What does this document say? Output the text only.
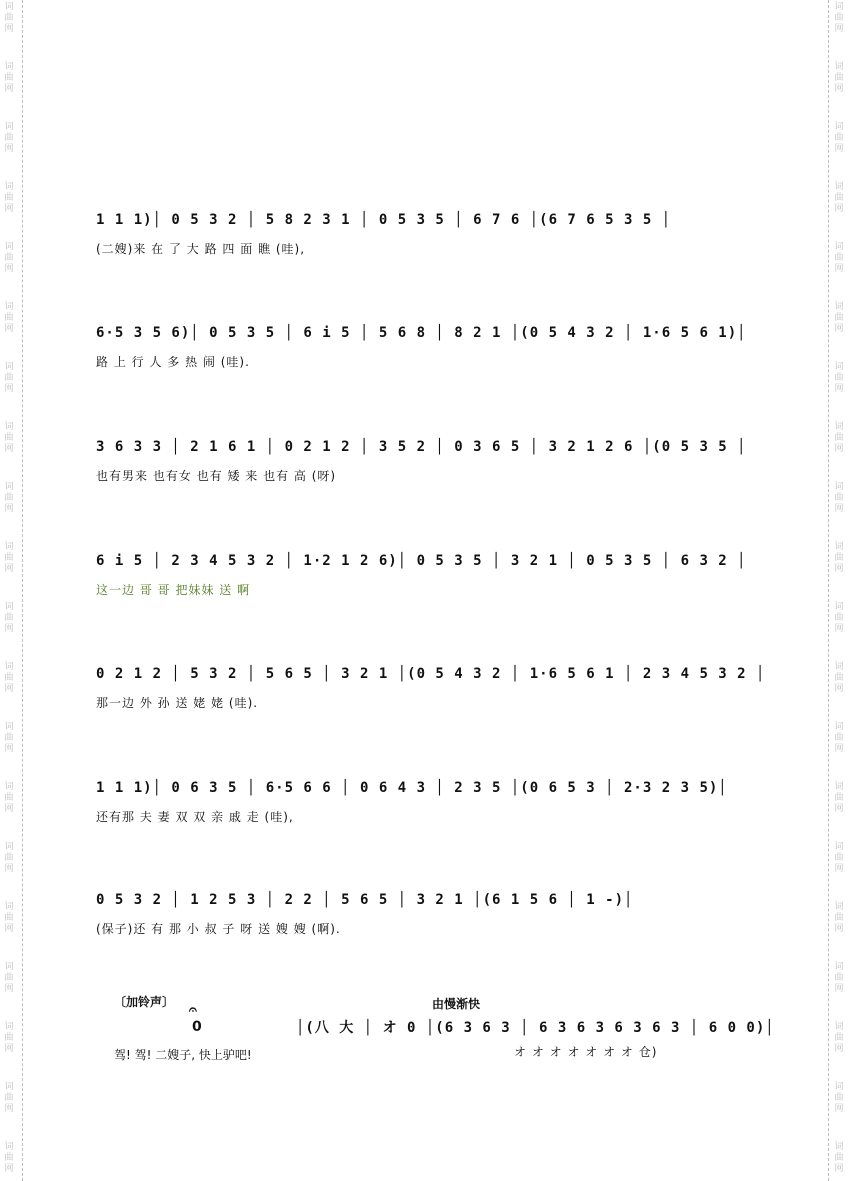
词
曲
网
词
曲
网
词
曲
网
词
曲
网
词
曲
网
词
曲
网
词
曲
网
词
曲
网
词
曲
网
词
曲
网
词
曲
网
词
曲
网
词
曲
网
词
曲
网
词
曲
网
词
曲
网
词
曲
网
词
曲
网
词
曲
网
词
曲
网
词
曲
网
词
曲
网
词
曲
网
词
曲
网
词
曲
网
词
曲
网
词
曲
网
词
曲
网
词
曲
网
词
曲
网
词
曲
网
词
曲
网
词
曲
网
词
曲
网
词
曲
网
词
曲
网
词
曲
网
词
曲
网
词
曲
网
词
曲
网
1 1 1)│ 0 5 3 2 │ 5 8 2 3 1 │ 0 5 3 5 │ 6 7 6 │(6 7 6 5 3 5 │
(二嫂)来 在 了 大 路 四 面 瞧 (哇),
6·5 3 5 6)│ 0 5 3 5 │ 6 i 5 │ 5 6 8 │ 8 2 1 │(0 5 4 3 2 │ 1·6 5 6 1)│
路 上 行 人 多 热 闹 (哇).
3 6 3 3 │ 2 1 6 1 │ 0 2 1 2 │ 3 5 2 │ 0 3 6 5 │ 3 2 1 2 6 │(0 5 3 5 │
也有男来 也有女 也有 矮 来 也有 高 (呀)
6 i 5 │ 2 3 4 5 3 2 │ 1·2 1 2 6)│ 0 5 3 5 │ 3 2 1 │ 0 5 3 5 │ 6 3 2 │
这一边 哥 哥 把妹妹 送 啊
0 2 1 2 │ 5 3 2 │ 5 6 5 │ 3 2 1 │(0 5 4 3 2 │ 1·6 5 6 1 │ 2 3 4 5 3 2 │
那一边 外 孙 送 姥 姥 (哇).
1 1 1)│ 0 6 3 5 │ 6·5 6 6 │ 0 6 4 3 │ 2 3 5 │(0 6 5 3 │ 2·3 2 3 5)│
还有那 夫 妻 双 双 亲 戚 走 (哇),
0 5 3 2 │ 1 2 5 3 │ 2 2 │ 5 6 5 │ 3 2 1 │(6 1 5 6 │ 1 -)│
(保子)还 有 那 小 叔 子 呀 送 嫂 嫂 (啊).
〔加铃声〕	由慢渐快
𝄐
0	│(八 大 │ オ 0 │(6 3 6 3 │ 6 3 6 3 6 3 6 3 │ 6 0 0)│
オ オ オ オ オ オ オ 仓)
驾! 驾! 二嫂子, 快上驴吧!
